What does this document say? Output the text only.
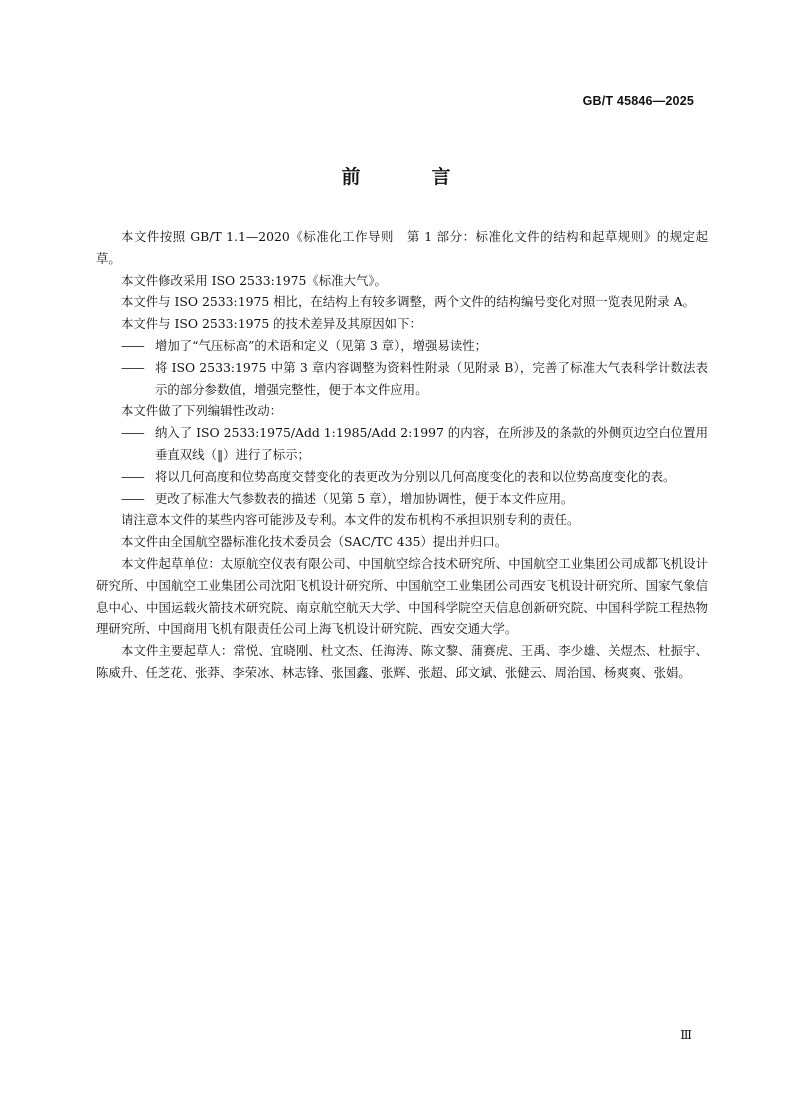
GB/T 45846—2025
前　言

本文件按照 GB/T 1.1—2020《标准化工作导则　第 1 部分：标准化文件的结构和起草规则》的规定起草。

本文件修改采用 ISO 2533:1975《标准大气》。

本文件与 ISO 2533:1975 相比，在结构上有较多调整，两个文件的结构编号变化对照一览表见附录 A。

本文件与 ISO 2533:1975 的技术差异及其原因如下：

—— 增加了“气压标高”的术语和定义（见第 3 章），增强易读性；
—— 将 ISO 2533:1975 中第 3 章内容调整为资料性附录（见附录 B），完善了标准大气表科学计数法表示的部分参数值，增强完整性，便于本文件应用。

本文件做了下列编辑性改动：

—— 纳入了 ISO 2533:1975/Add 1:1985/Add 2:1997 的内容，在所涉及的条款的外侧页边空白位置用垂直双线（‖）进行了标示；
—— 将以几何高度和位势高度交替变化的表更改为分别以几何高度变化的表和以位势高度变化的表。
—— 更改了标准大气参数表的描述（见第 5 章），增加协调性，便于本文件应用。

请注意本文件的某些内容可能涉及专利。本文件的发布机构不承担识别专利的责任。

本文件由全国航空器标准化技术委员会（SAC/TC 435）提出并归口。

本文件起草单位：太原航空仪表有限公司、中国航空综合技术研究所、中国航空工业集团公司成都飞机设计研究所、中国航空工业集团公司沈阳飞机设计研究所、中国航空工业集团公司西安飞机设计研究所、国家气象信息中心、中国运载火箭技术研究院、南京航空航天大学、中国科学院空天信息创新研究院、中国科学院工程热物理研究所、中国商用飞机有限责任公司上海飞机设计研究院、西安交通大学。

本文件主要起草人：常悦、宜晓刚、杜文杰、任海涛、陈文黎、蒲赛虎、王禹、李少雄、关煜杰、杜振宇、陈威升、任芝花、张莽、李荣冰、林志锋、张国鑫、张辉、张超、邱文斌、张健云、周治国、杨爽爽、张娟。

Ⅲ
